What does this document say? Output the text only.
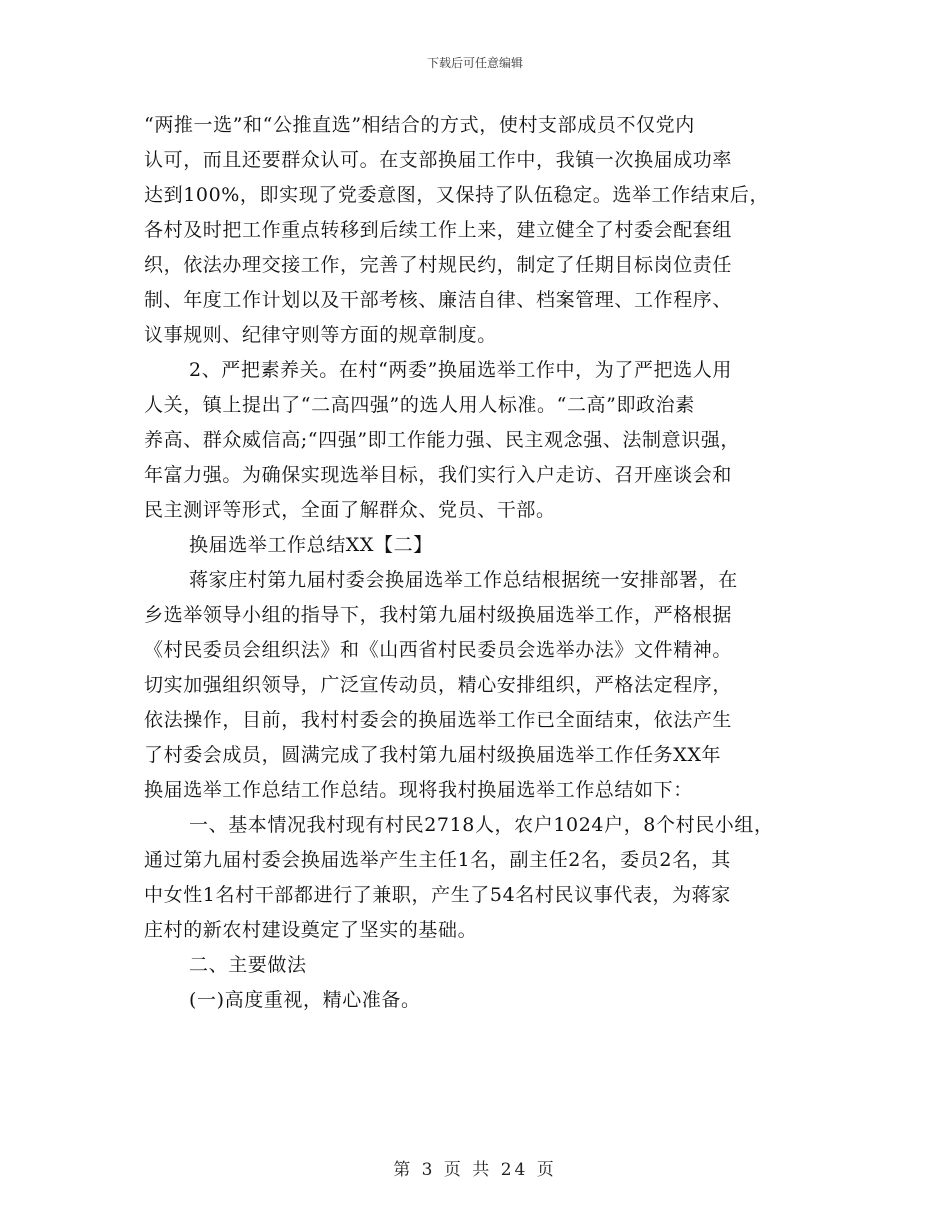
下载后可任意编辑
“两推一选”和“公推直选”相结合的方式，使村支部成员不仅党内
认可，而且还要群众认可。在支部换届工作中，我镇一次换届成功率
达到100%，即实现了党委意图，又保持了队伍稳定。选举工作结束后，
各村及时把工作重点转移到后续工作上来，建立健全了村委会配套组
织，依法办理交接工作，完善了村规民约，制定了任期目标岗位责任
制、年度工作计划以及干部考核、廉洁自律、档案管理、工作程序、
议事规则、纪律守则等方面的规章制度。
2、严把素养关。在村“两委”换届选举工作中，为了严把选人用
人关，镇上提出了“二高四强”的选人用人标准。“二高”即政治素
养高、群众威信高;“四强”即工作能力强、民主观念强、法制意识强，
年富力强。为确保实现选举目标，我们实行入户走访、召开座谈会和
民主测评等形式，全面了解群众、党员、干部。
换届选举工作总结XX【二】
蒋家庄村第九届村委会换届选举工作总结根据统一安排部署，在
乡选举领导小组的指导下，我村第九届村级换届选举工作，严格根据
《村民委员会组织法》和《山西省村民委员会选举办法》文件精神。
切实加强组织领导，广泛宣传动员，精心安排组织，严格法定程序，
依法操作，目前，我村村委会的换届选举工作已全面结束，依法产生
了村委会成员，圆满完成了我村第九届村级换届选举工作任务XX年
换届选举工作总结工作总结。现将我村换届选举工作总结如下：
一、基本情况我村现有村民2718人，农户1024户，8个村民小组，
通过第九届村委会换届选举产生主任1名，副主任2名，委员2名，其
中女性1名村干部都进行了兼职，产生了54名村民议事代表，为蒋家
庄村的新农村建设奠定了坚实的基础。
二、主要做法
(一)高度重视，精心准备。
第 3 页 共 24 页
